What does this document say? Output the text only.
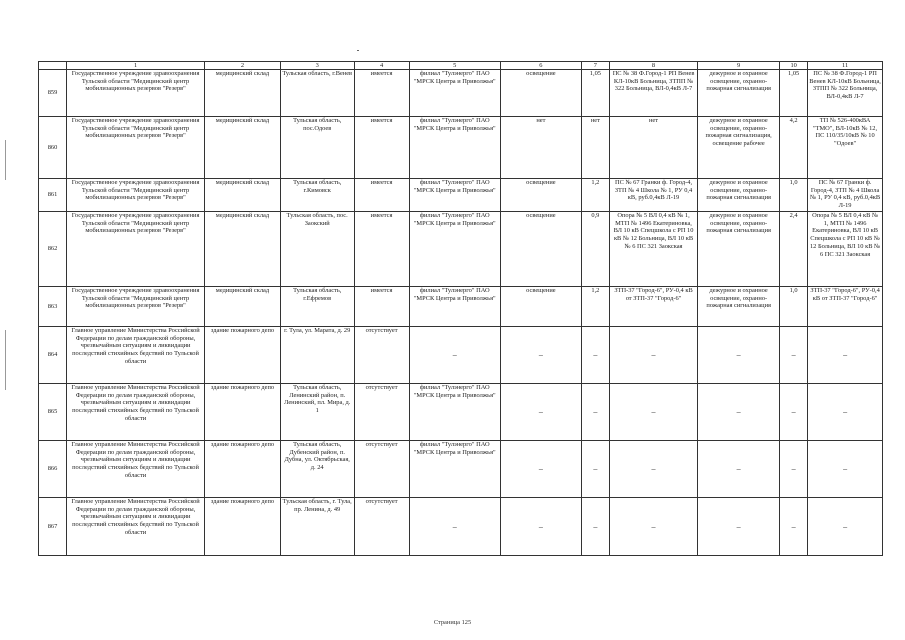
	1	2	3	4	5	6	7	8	9	10	11
859	Государственное учреждение здравоохранения Тульской области "Медицинский центр мобилизационных резервов "Резерв"	медицинский склад	Тульская область, г.Венев	имеется	филиал "Тулэнерго" ПАО "МРСК Центра и Приволжья"	освещение	1,05	ПС № 38 Ф.Город-1 РП Венев КЛ-10кВ Больница, ЗТПП № 322 Больница, ВЛ-0,4кВ Л-7	дежурное и охранное освещение, охранно-пожарная сигнализация	1,05	ПС № 38 Ф.Город-1 РП Венев КЛ-10кВ Больница, ЗТПП № 322 Больница, ВЛ-0,4кВ Л-7
860	Государственное учреждение здравоохранения Тульской области "Медицинский центр мобилизационных резервов "Резерв"	медицинский склад	Тульская область, пос.Одоев	имеется	филиал "Тулэнерго" ПАО "МРСК Центра и Приволжья"	нет	нет	нет	дежурное и охранное освещение, охранно-пожарная сигнализация, освещение рабочее	4,2	ТП № 526-400кВА "ТМО", ВЛ-10кВ № 12, ПС 110/35/10кВ № 10 "Одоев"
861	Государственное учреждение здравоохранения Тульской области "Медицинский центр мобилизационных резервов "Резерв"	медицинский склад	Тульская область, г.Кимовск	имеется	филиал "Тулэнерго" ПАО "МРСК Центра и Приволжья"	освещение	1,2	ПС № 67 Гранки ф. Город-4, ЗТП № 4 Школа № 1, РУ 0,4 кВ, руб.0,4кВ Л-19	дежурное и охранное освещение, охранно-пожарная сигнализация	1,0	ПС № 67 Гранки ф. Город-4, ЗТП № 4 Школа № 1, РУ 0,4 кВ, руб.0,4кВ Л-19
862	Государственное учреждение здравоохранения Тульской области "Медицинский центр мобилизационных резервов "Резерв"	медицинский склад	Тульская область, пос. Заокский	имеется	филиал "Тулэнерго" ПАО "МРСК Центра и Приволжья"	освещение	0,9	Опора № 5 ВЛ 0,4 кВ № 1, МТП № 1496 Екатериновка, ВЛ 10 кВ Спецшкола с РП 10 кВ № 12 Больница, ВЛ 10 кВ № 6 ПС 321 Заокская	дежурное и охранное освещение, охранно-пожарная сигнализация	2,4	Опора № 5 ВЛ 0,4 кВ № 1, МТП № 1496 Екатериновка, ВЛ 10 кВ Спецшкола с РП 10 кВ № 12 Больница, ВЛ 10 кВ № 6 ПС 321 Заокская
863	Государственное учреждение здравоохранения Тульской области "Медицинский центр мобилизационных резервов "Резерв"	медицинский склад	Тульская область, г.Ефремов	имеется	филиал "Тулэнерго" ПАО "МРСК Центра и Приволжья"	освещение	1,2	ЗТП-37 "Город-6", РУ-0,4 кВ от ЗТП-37 "Город-6"	дежурное и охранное освещение, охранно-пожарная сигнализация	1,0	ЗТП-37 "Город-6", РУ-0,4 кВ от ЗТП-37 "Город-6"
864	Главное управление Министерства Российской Федерации по делам гражданской обороны, чрезвычайным ситуациям и ликвидации последствий стихийных бедствий по Тульской области	здание пожарного депо	г. Тула, ул. Марата, д. 29	отсутствует	–	–	–	–	–	–	–
865	Главное управление Министерства Российской Федерации по делам гражданской обороны, чрезвычайным ситуациям и ликвидации последствий стихийных бедствий по Тульской области	здание пожарного депо	Тульская область, Ленинский район, п. Ленинский, пл. Мира, д. 1	отсутствует	филиал "Тулэнерго" ПАО "МРСК Центра и Приволжья"	–	–	–	–	–	–
866	Главное управление Министерства Российской Федерации по делам гражданской обороны, чрезвычайным ситуациям и ликвидации последствий стихийных бедствий по Тульской области	здание пожарного депо	Тульская область, Дубенский район, п. Дубна, ул. Октябрьская, д. 24	отсутствует	филиал "Тулэнерго" ПАО "МРСК Центра и Приволжья"	–	–	–	–	–	–
867	Главное управление Министерства Российской Федерации по делам гражданской обороны, чрезвычайным ситуациям и ликвидации последствий стихийных бедствий по Тульской области	здание пожарного депо	Тульская область, г. Тула, пр. Ленина, д. 49	отсутствует	–	–	–	–	–	–	–
Страница 125
